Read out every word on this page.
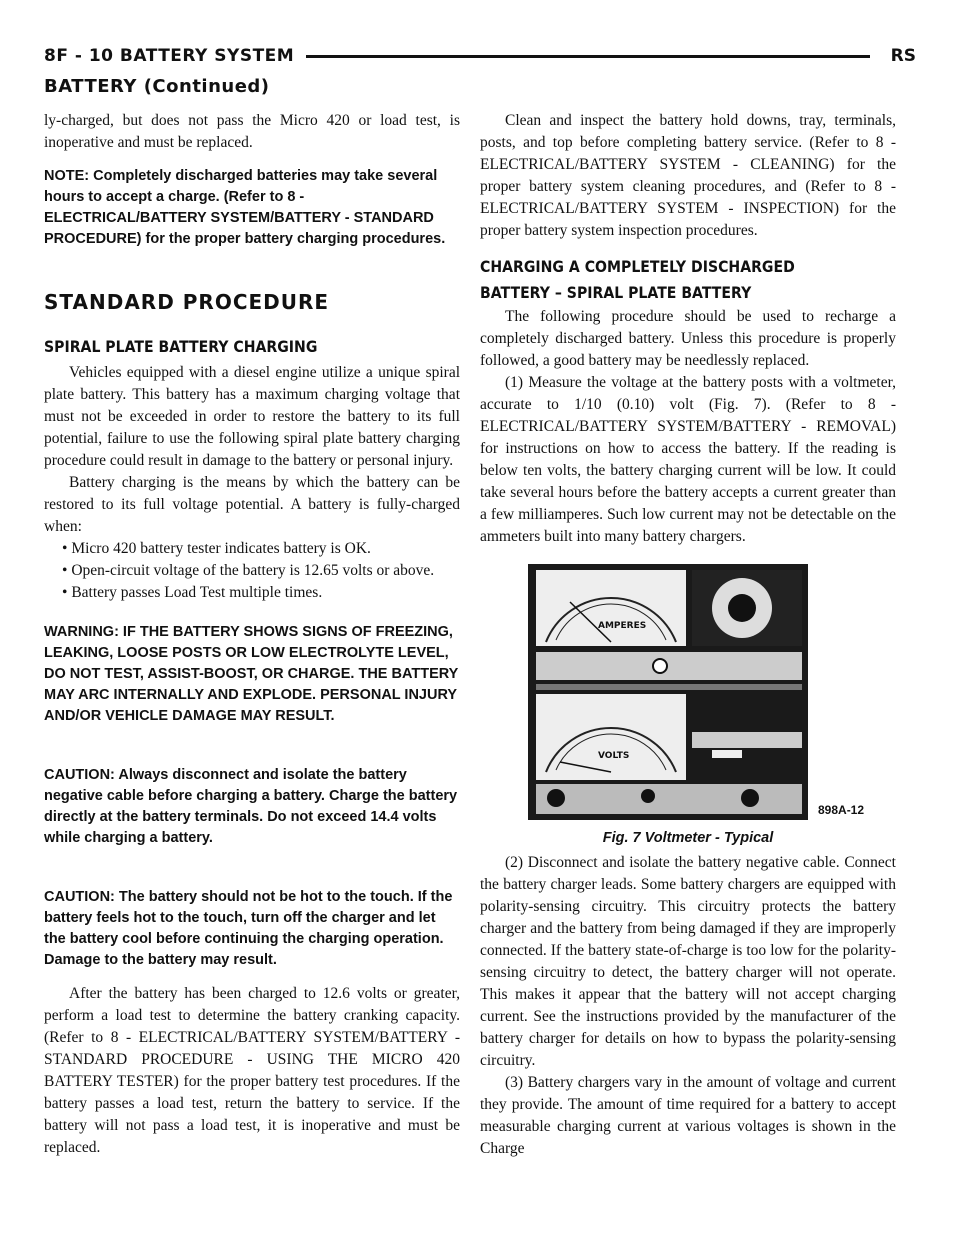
8F - 10 BATTERY SYSTEM	RS
BATTERY (Continued)

ly-charged, but does not pass the Micro 420 or load test, is inoperative and must be replaced.

NOTE: Completely discharged batteries may take several hours to accept a charge. (Refer to 8 - ELECTRICAL/BATTERY SYSTEM/BATTERY - STANDARD PROCEDURE) for the proper battery charging procedures.

STANDARD PROCEDURE

SPIRAL PLATE BATTERY CHARGING

Vehicles equipped with a diesel engine utilize a unique spiral plate battery. This battery has a maximum charging voltage that must not be exceeded in order to restore the battery to its full potential, failure to use the following spiral plate battery charging procedure could result in damage to the battery or personal injury.

Battery charging is the means by which the battery can be restored to its full voltage potential. A battery is fully-charged when:

• Micro 420 battery tester indicates battery is OK.

• Open-circuit voltage of the battery is 12.65 volts or above.

• Battery passes Load Test multiple times.

WARNING: IF THE BATTERY SHOWS SIGNS OF FREEZING, LEAKING, LOOSE POSTS OR LOW ELECTROLYTE LEVEL, DO NOT TEST, ASSIST-BOOST, OR CHARGE. THE BATTERY MAY ARC INTERNALLY AND EXPLODE. PERSONAL INJURY AND/OR VEHICLE DAMAGE MAY RESULT.

CAUTION: Always disconnect and isolate the battery negative cable before charging a battery. Charge the battery directly at the battery terminals. Do not exceed 14.4 volts while charging a battery.

CAUTION: The battery should not be hot to the touch. If the battery feels hot to the touch, turn off the charger and let the battery cool before continuing the charging operation. Damage to the battery may result.

After the battery has been charged to 12.6 volts or greater, perform a load test to determine the battery cranking capacity. (Refer to 8 - ELECTRICAL/BATTERY SYSTEM/BATTERY - STANDARD PROCEDURE - USING THE MICRO 420 BATTERY TESTER) for the proper battery test procedures. If the battery passes a load test, return the battery to service. If the battery will not pass a load test, it is inoperative and must be replaced.

Clean and inspect the battery hold downs, tray, terminals, posts, and top before completing battery service. (Refer to 8 - ELECTRICAL/BATTERY SYSTEM - CLEANING) for the proper battery system cleaning procedures, and (Refer to 8 - ELECTRICAL/BATTERY SYSTEM - INSPECTION) for the proper battery system inspection procedures.

CHARGING A COMPLETELY DISCHARGED

BATTERY – SPIRAL PLATE BATTERY

The following procedure should be used to recharge a completely discharged battery. Unless this procedure is properly followed, a good battery may be needlessly replaced.

(1) Measure the voltage at the battery posts with a voltmeter, accurate to 1/10 (0.10) volt (Fig. 7). (Refer to 8 - ELECTRICAL/BATTERY SYSTEM/BATTERY - REMOVAL) for instructions on how to access the battery. If the reading is below ten volts, the battery charging current will be low. It could take several hours before the battery accepts a current greater than a few milliamperes. Such low current may not be detectable on the ammeters built into many battery chargers.

AMPERES
VOLTS
898A-12

Fig. 7 Voltmeter - Typical

(2) Disconnect and isolate the battery negative cable. Connect the battery charger leads. Some battery chargers are equipped with polarity-sensing circuitry. This circuitry protects the battery charger and the battery from being damaged if they are improperly connected. If the battery state-of-charge is too low for the polarity-sensing circuitry to detect, the battery charger will not operate. This makes it appear that the battery will not accept charging current. See the instructions provided by the manufacturer of the battery charger for details on how to bypass the polarity-sensing circuitry.

(3) Battery chargers vary in the amount of voltage and current they provide. The amount of time required for a battery to accept measurable charging current at various voltages is shown in the Charge
